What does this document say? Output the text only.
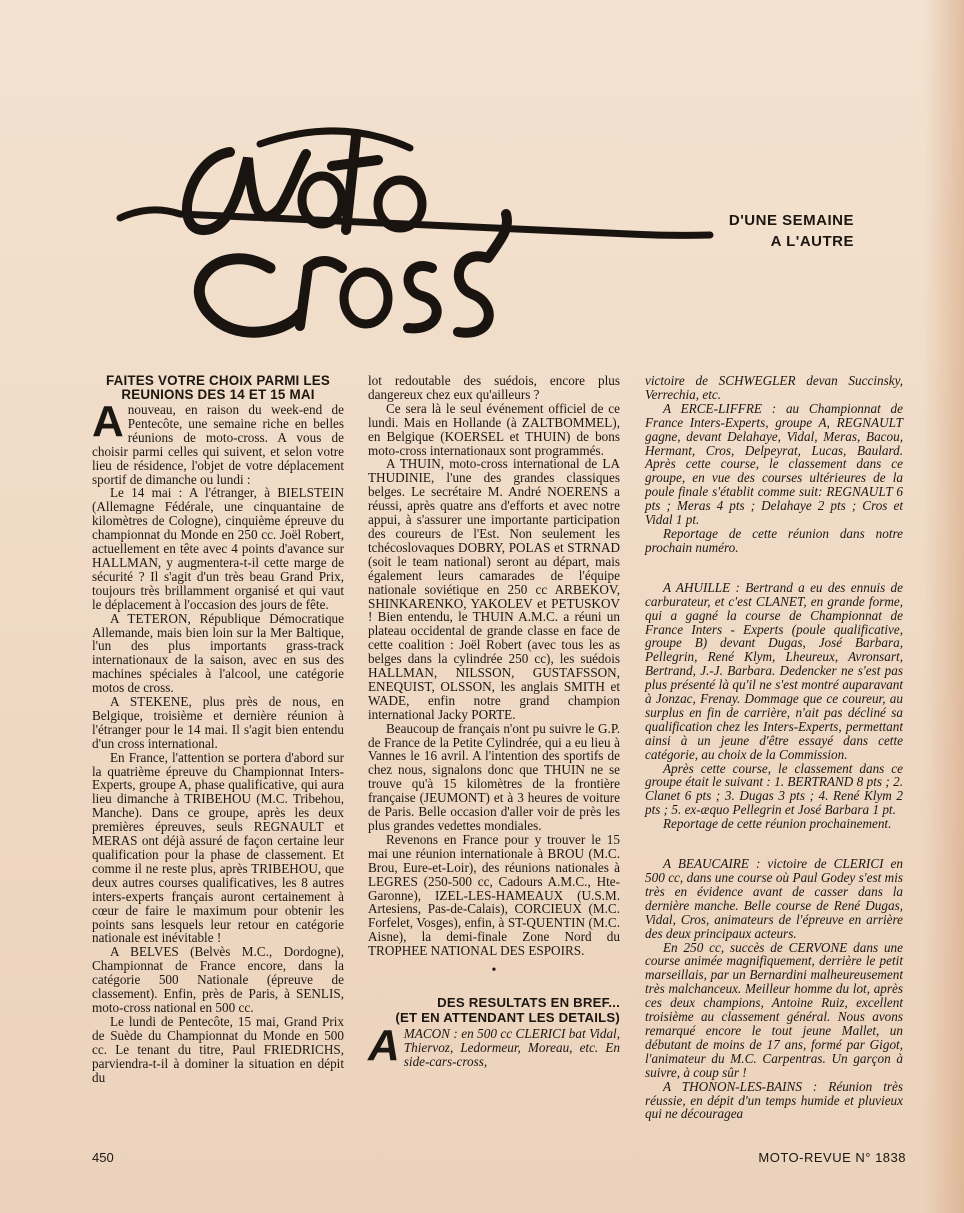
D'UNE SEMAINE
A L'AUTRE
FAITES VOTRE CHOIX PARMI LES REUNIONS DES 14 ET 15 MAI

Anouveau, en raison du week-end de Pentecôte, une semaine riche en belles réunions de moto-cross. A vous de choisir parmi celles qui suivent, et selon votre lieu de résidence, l'objet de votre déplacement sportif de dimanche ou lundi :

Le 14 mai : A l'étranger, à BIELSTEIN (Allemagne Fédérale, une cinquantaine de kilomètres de Cologne), cinquième épreuve du championnat du Monde en 250 cc. Joël Robert, actuellement en tête avec 4 points d'avance sur HALLMAN, y augmentera-t-il cette marge de sécurité ? Il s'agit d'un très beau Grand Prix, toujours très brillamment organisé et qui vaut le déplacement à l'occasion des jours de fête.

A TETERON, République Démocratique Allemande, mais bien loin sur la Mer Baltique, l'un des plus importants grass-track internationaux de la saison, avec en sus des machines spéciales à l'alcool, une catégorie motos de cross.

A STEKENE, plus près de nous, en Belgique, troisième et dernière réunion à l'étranger pour le 14 mai. Il s'agit bien entendu d'un cross international.

En France, l'attention se portera d'abord sur la quatrième épreuve du Championnat Inters-Experts, groupe A, phase qualificative, qui aura lieu dimanche à TRIBEHOU (M.C. Tribehou, Manche). Dans ce groupe, après les deux premières épreuves, seuls REGNAULT et MERAS ont déjà assuré de façon certaine leur qualification pour la phase de classement. Et comme il ne reste plus, après TRIBEHOU, que deux autres courses qualificatives, les 8 autres inters-experts français auront certainement à cœur de faire le maximum pour obtenir les points sans lesquels leur retour en catégorie nationale est inévitable !

A BELVES (Belvès M.C., Dordogne), Championnat de France encore, dans la catégorie 500 Nationale (épreuve de classement). Enfin, près de Paris, à SENLIS, moto-cross national en 500 cc.

Le lundi de Pentecôte, 15 mai, Grand Prix de Suède du Championnat du Monde en 500 cc. Le tenant du titre, Paul FRIEDRICHS, parviendra-t-il à dominer la situation en dépit du

lot redoutable des suédois, encore plus dangereux chez eux qu'ailleurs ?

Ce sera là le seul événement officiel de ce lundi. Mais en Hollande (à ZALTBOMMEL), en Belgique (KOERSEL et THUIN) de bons moto-cross internationaux sont programmés.

A THUIN, moto-cross international de LA THUDINIE, l'une des grandes classiques belges. Le secrétaire M. André NOERENS a réussi, après quatre ans d'efforts et avec notre appui, à s'assurer une importante participation des coureurs de l'Est. Non seulement les tchécoslovaques DOBRY, POLAS et STRNAD (soit le team national) seront au départ, mais également leurs camarades de l'équipe nationale soviétique en 250 cc ARBEKOV, SHINKARENKO, YAKOLEV et PETUSKOV ! Bien entendu, le THUIN A.M.C. a réuni un plateau occidental de grande classe en face de cette coalition : Joël Robert (avec tous les as belges dans la cylindrée 250 cc), les suédois HALLMAN, NILSSON, GUSTAFSSON, ENEQUIST, OLSSON, les anglais SMITH et WADE, enfin notre grand champion international Jacky PORTE.

Beaucoup de français n'ont pu suivre le G.P. de France de la Petite Cylindrée, qui a eu lieu à Vannes le 16 avril. A l'intention des sportifs de chez nous, signalons donc que THUIN ne se trouve qu'à 15 kilomètres de la frontière française (JEUMONT) et à 3 heures de voiture de Paris. Belle occasion d'aller voir de près les plus grandes vedettes mondiales.

Revenons en France pour y trouver le 15 mai une réunion internationale à BROU (M.C. Brou, Eure-et-Loir), des réunions nationales à LEGRES (250-500 cc, Cadours A.M.C., Hte-Garonne), IZEL-LES-HAMEAUX (U.S.M. Artesiens, Pas-de-Calais), CORCIEUX (M.C. Forfelet, Vosges), enfin, à ST-QUENTIN (M.C. Aisne), la demi-finale Zone Nord du TROPHEE NATIONAL DES ESPOIRS.

•
DES RESULTATS EN BREF...
(ET EN ATTENDANT LES DETAILS)

AMACON : en 500 cc CLERICI bat Vidal, Thiervoz, Ledormeur, Moreau, etc. En side-cars-cross,

victoire de SCHWEGLER devan Succinsky, Verrechia, etc.

A ERCE-LIFFRE : au Championnat de France Inters-Experts, groupe A, REGNAULT gagne, devant Delahaye, Vidal, Meras, Bacou, Hermant, Cros, Delpeyrat, Lucas, Baulard. Après cette course, le classement dans ce groupe, en vue des courses ultérieures de la poule finale s'établit comme suit: REGNAULT 6 pts ; Meras 4 pts ; Delahaye 2 pts ; Cros et Vidal 1 pt.

Reportage de cette réunion dans notre prochain numéro.

A AHUILLE : Bertrand a eu des ennuis de carburateur, et c'est CLANET, en grande forme, qui a gagné la course de Championnat de France Inters - Experts (poule qualificative, groupe B) devant Dugas, José Barbara, Pellegrin, René Klym, Lheureux, Avronsart, Bertrand, J.-J. Barbara. Dedencker ne s'est pas plus présenté là qu'il ne s'est montré auparavant à Jonzac, Frenay. Dommage que ce coureur, au surplus en fin de carrière, n'ait pas décliné sa qualification chez les Inters-Experts, permettant ainsi à un jeune d'être essayé dans cette catégorie, au choix de la Commission.

Après cette course, le classement dans ce groupe était le suivant : 1. BERTRAND 8 pts ; 2. Clanet 6 pts ; 3. Dugas 3 pts ; 4. René Klym 2 pts ; 5. ex-æquo Pellegrin et José Barbara 1 pt.

Reportage de cette réunion prochainement.

A BEAUCAIRE : victoire de CLERICI en 500 cc, dans une course où Paul Godey s'est mis très en évidence avant de casser dans la dernière manche. Belle course de René Dugas, Vidal, Cros, animateurs de l'épreuve en arrière des deux principaux acteurs.

En 250 cc, succès de CERVONE dans une course animée magnifiquement, derrière le petit marseillais, par un Bernardini malheureusement très malchanceux. Meilleur homme du lot, après ces deux champions, Antoine Ruiz, excellent troisième au classement général. Nous avons remarqué encore le tout jeune Mallet, un débutant de moins de 17 ans, formé par Gigot, l'animateur du M.C. Carpentras. Un garçon à suivre, à coup sûr !

A THONON-LES-BAINS : Réunion très réussie, en dépit d'un temps humide et pluvieux qui ne découragea

450	MOTO-REVUE N° 1838
